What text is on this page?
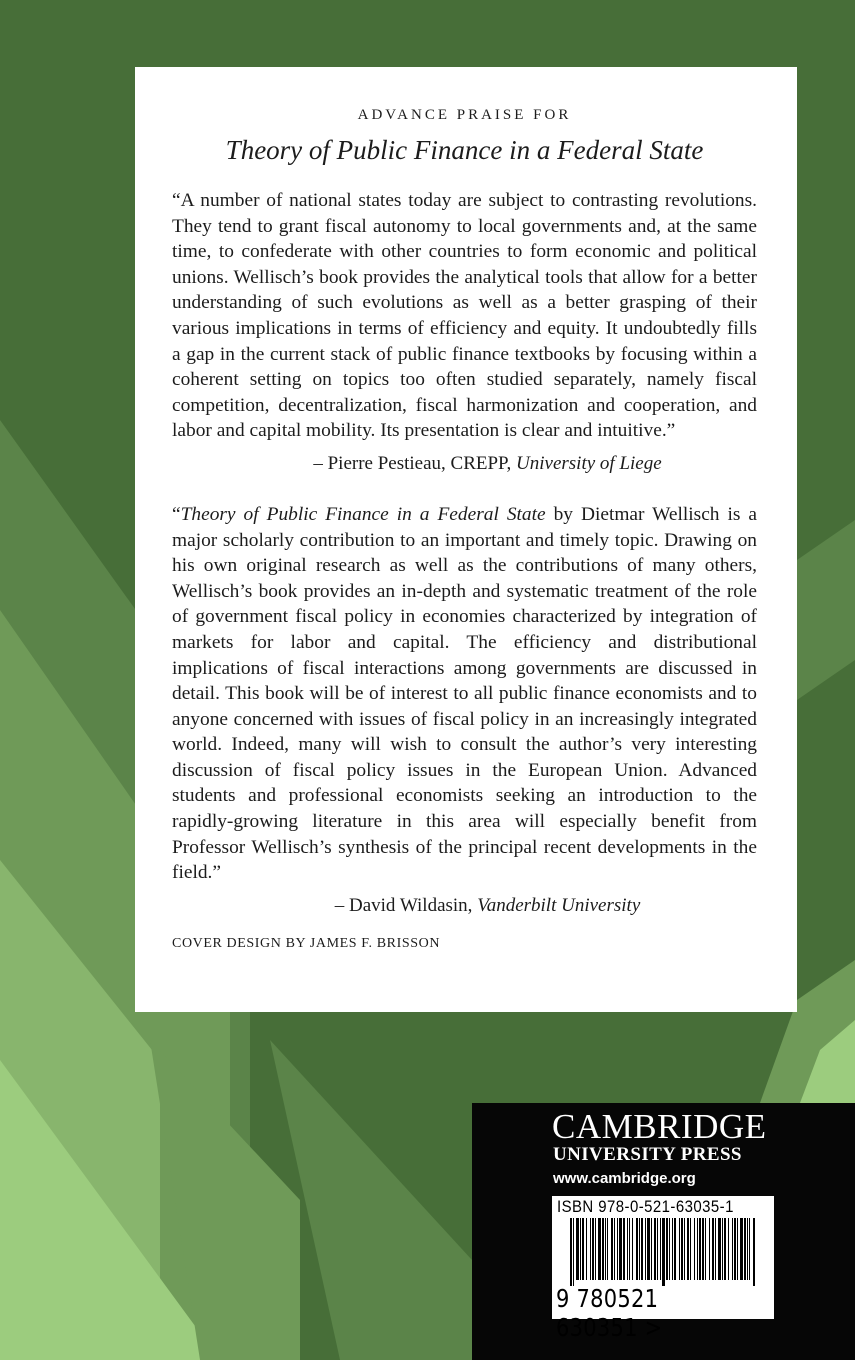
ADVANCE PRAISE FOR
Theory of Public Finance in a Federal State
“A number of national states today are subject to contrasting revolutions. They tend to grant fiscal autonomy to local governments and, at the same time, to confederate with other countries to form economic and political unions. Wellisch’s book provides the analytical tools that allow for a better understanding of such evolutions as well as a better grasping of their various implications in terms of efficiency and equity. It undoubtedly fills a gap in the current stack of public finance textbooks by focusing within a coherent setting on topics too often studied separately, namely fiscal competition, decentralization, fiscal harmonization and cooperation, and labor and capital mobility. Its presentation is clear and intuitive.”
– Pierre Pestieau, CREPP, University of Liege
“Theory of Public Finance in a Federal State by Dietmar Wellisch is a major scholarly contribution to an important and timely topic. Drawing on his own original research as well as the contributions of many others, Wellisch’s book provides an in-depth and systematic treatment of the role of government fiscal policy in economies characterized by integration of markets for labor and capital. The efficiency and distributional implications of fiscal interactions among governments are discussed in detail. This book will be of interest to all public finance economists and to anyone concerned with issues of fiscal policy in an increasingly integrated world. Indeed, many will wish to consult the author’s very interesting discussion of fiscal policy issues in the European Union. Advanced students and professional economists seeking an introduction to the rapidly-growing literature in this area will especially benefit from Professor Wellisch’s synthesis of the principal recent developments in the field.”
– David Wildasin, Vanderbilt University
COVER DESIGN BY JAMES F. BRISSON
CAMBRIDGE
UNIVERSITY PRESS
www.cambridge.org
ISBN 978-0-521-63035-1
9 780521 630351 >
